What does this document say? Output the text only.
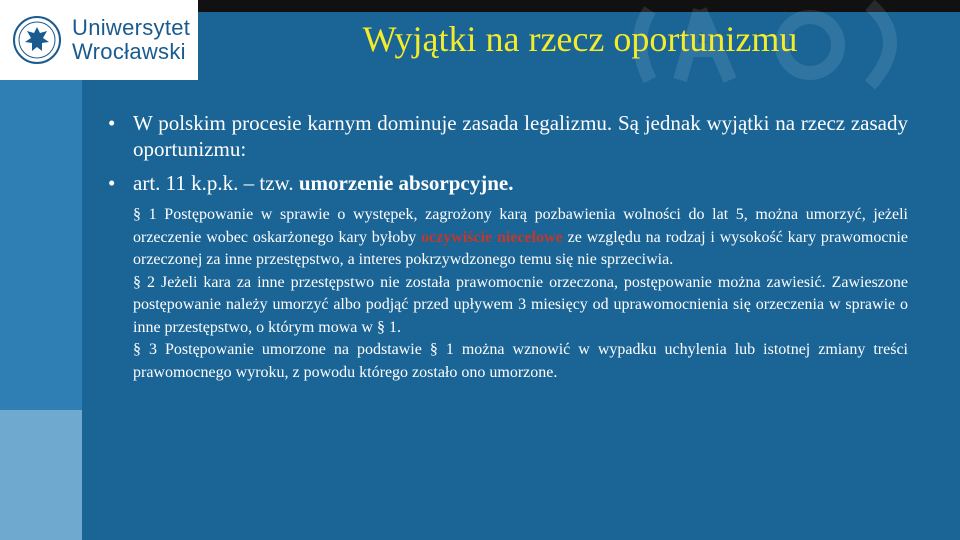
Uniwersytet
Wrocławski	Wyjątki na rzecz oportunizmu
• W polskim procesie karnym dominuje zasada legalizmu. Są jednak wyjątki na rzecz zasady oportunizmu:
• art. 11 k.p.k. – tzw. umorzenie absorpcyjne.

§ 1 Postępowanie w sprawie o występek, zagrożony karą pozbawienia wolności do lat 5, można umorzyć, jeżeli orzeczenie wobec oskarżonego kary byłoby oczywiście niecelowe ze względu na rodzaj i wysokość kary prawomocnie orzeczonej za inne przestępstwo, a interes pokrzywdzonego temu się nie sprzeciwia.

§ 2 Jeżeli kara za inne przestępstwo nie została prawomocnie orzeczona, postępowanie można zawiesić. Zawieszone postępowanie należy umorzyć albo podjąć przed upływem 3 miesięcy od uprawomocnienia się orzeczenia w sprawie o inne przestępstwo, o którym mowa w § 1.

§ 3 Postępowanie umorzone na podstawie § 1 można wznowić w wypadku uchylenia lub istotnej zmiany treści prawomocnego wyroku, z powodu którego zostało ono umorzone.
